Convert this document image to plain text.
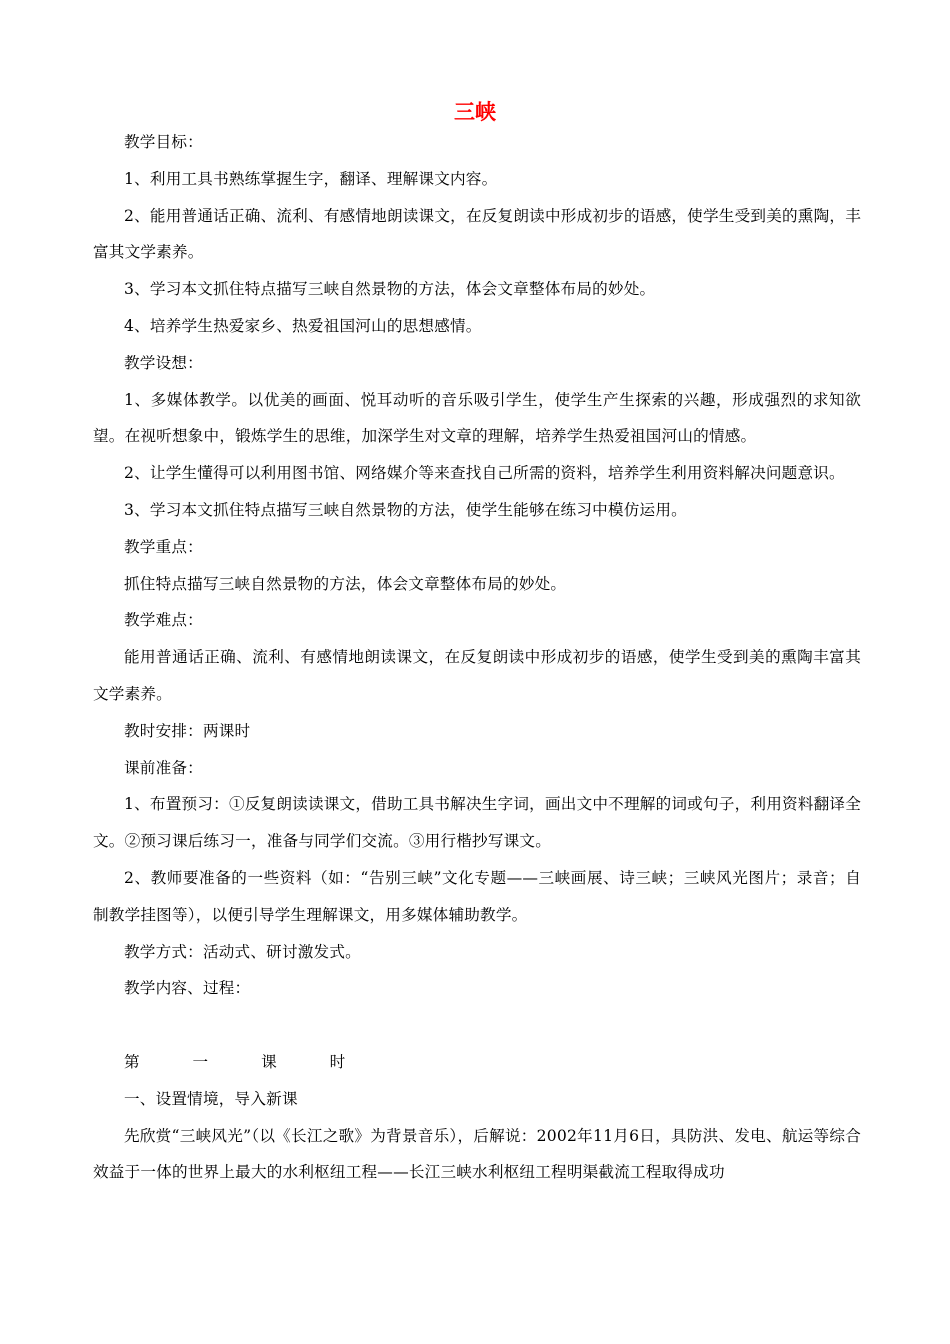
三峡

教学目标：

1、利用工具书熟练掌握生字，翻译、理解课文内容。

2、能用普通话正确、流利、有感情地朗读课文，在反复朗读中形成初步的语感，使学生受到美的熏陶，丰富其文学素养。

3、学习本文抓住特点描写三峡自然景物的方法，体会文章整体布局的妙处。

4、培养学生热爱家乡、热爱祖国河山的思想感情。

教学设想：

1、多媒体教学。以优美的画面、悦耳动听的音乐吸引学生，使学生产生探索的兴趣，形成强烈的求知欲望。在视听想象中，锻炼学生的思维，加深学生对文章的理解，培养学生热爱祖国河山的情感。

2、让学生懂得可以利用图书馆、网络媒介等来查找自己所需的资料，培养学生利用资料解决问题意识。

3、学习本文抓住特点描写三峡自然景物的方法，使学生能够在练习中模仿运用。

教学重点：

抓住特点描写三峡自然景物的方法，体会文章整体布局的妙处。

教学难点：

能用普通话正确、流利、有感情地朗读课文，在反复朗读中形成初步的语感，使学生受到美的熏陶丰富其文学素养。

教时安排：两课时

课前准备：

1、布置预习：①反复朗读读课文，借助工具书解决生字词，画出文中不理解的词或句子，利用资料翻译全文。②预习课后练习一，准备与同学们交流。③用行楷抄写课文。

2、教师要准备的一些资料（如：“告别三峡”文化专题——三峡画展、诗三峡；三峡风光图片；录音；自制教学挂图等），以便引导学生理解课文，用多媒体辅助教学。

教学方式：活动式、研讨激发式。

教学内容、过程：

第 一 课 时

一、设置情境，导入新课

先欣赏“三峡风光”（以《长江之歌》为背景音乐），后解说：2002年11月6日，具防洪、发电、航运等综合效益于一体的世界上最大的水利枢纽工程——长江三峡水利枢纽工程明渠截流工程取得成功
